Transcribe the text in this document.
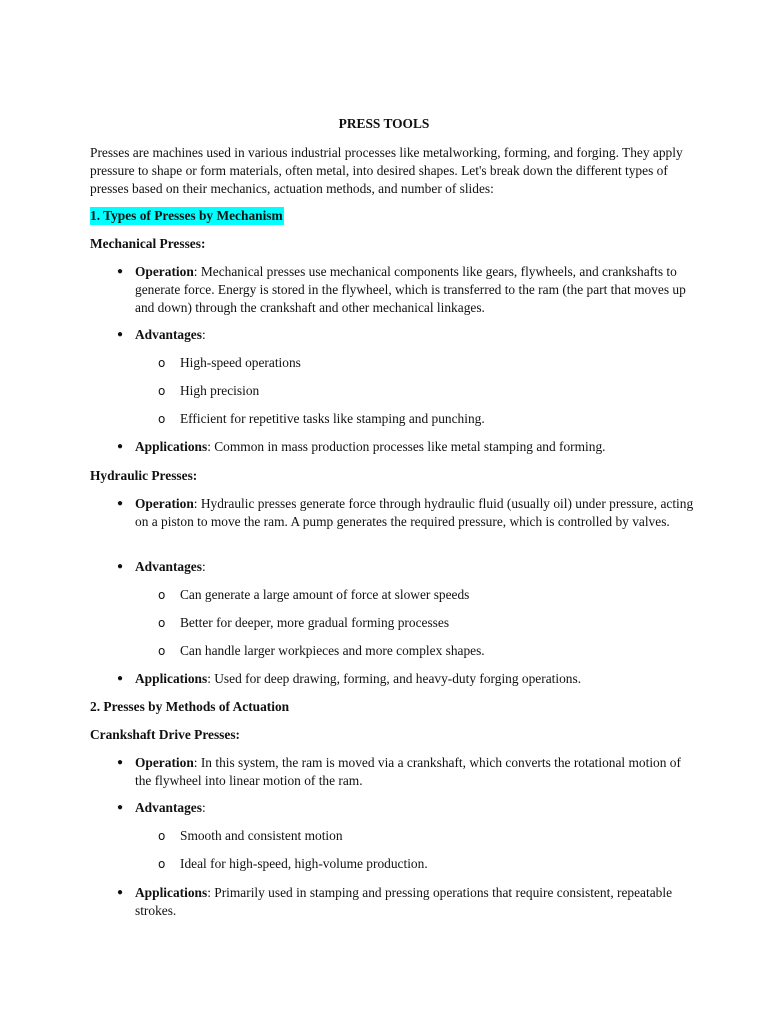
PRESS TOOLS

Presses are machines used in various industrial processes like metalworking, forming, and forging. They apply pressure to shape or form materials, often metal, into desired shapes. Let's break down the different types of presses based on their mechanics, actuation methods, and number of slides:

1. Types of Presses by Mechanism
Mechanical Presses:
● Operation: Mechanical presses use mechanical components like gears, flywheels, and crankshafts to generate force. Energy is stored in the flywheel, which is transferred to the ram (the part that moves up and down) through the crankshaft and other mechanical linkages.
● Advantages:
o High-speed operations
o High precision
o Efficient for repetitive tasks like stamping and punching.
● Applications: Common in mass production processes like metal stamping and forming.
Hydraulic Presses:
● Operation: Hydraulic presses generate force through hydraulic fluid (usually oil) under pressure, acting on a piston to move the ram. A pump generates the required pressure, which is controlled by valves.
● Advantages:
o Can generate a large amount of force at slower speeds
o Better for deeper, more gradual forming processes
o Can handle larger workpieces and more complex shapes.
● Applications: Used for deep drawing, forming, and heavy-duty forging operations.
2. Presses by Methods of Actuation
Crankshaft Drive Presses:
● Operation: In this system, the ram is moved via a crankshaft, which converts the rotational motion of the flywheel into linear motion of the ram.
● Advantages:
o Smooth and consistent motion
o Ideal for high-speed, high-volume production.
● Applications: Primarily used in stamping and pressing operations that require consistent, repeatable strokes.
